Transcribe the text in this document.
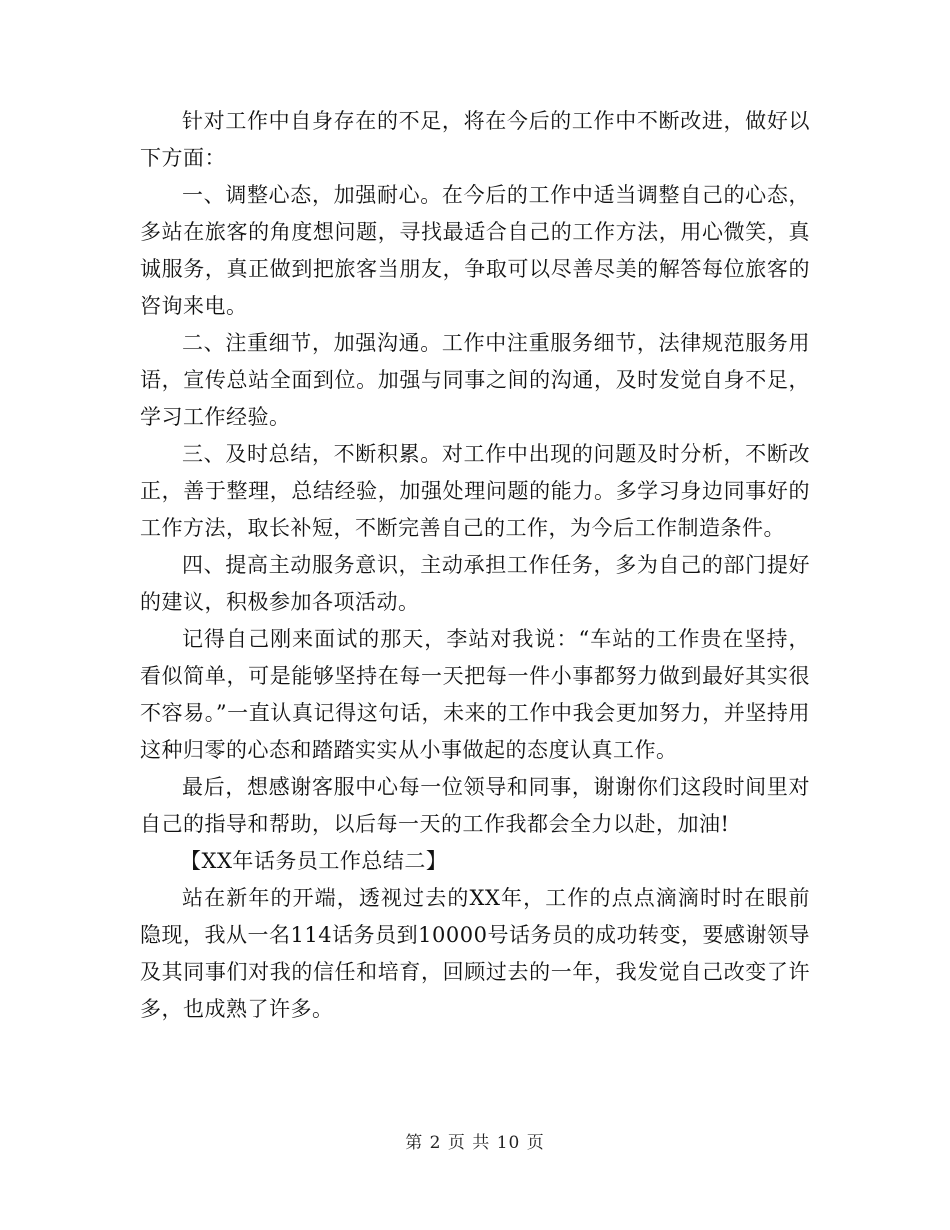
针对工作中自身存在的不足，将在今后的工作中不断改进，做好以下方面：

一、调整心态，加强耐心。在今后的工作中适当调整自己的心态，多站在旅客的角度想问题，寻找最适合自己的工作方法，用心微笑，真诚服务，真正做到把旅客当朋友，争取可以尽善尽美的解答每位旅客的咨询来电。

二、注重细节，加强沟通。工作中注重服务细节，法律规范服务用语，宣传总站全面到位。加强与同事之间的沟通，及时发觉自身不足，学习工作经验。

三、及时总结，不断积累。对工作中出现的问题及时分析，不断改正，善于整理，总结经验，加强处理问题的能力。多学习身边同事好的工作方法，取长补短，不断完善自己的工作，为今后工作制造条件。

四、提高主动服务意识，主动承担工作任务，多为自己的部门提好的建议，积极参加各项活动。

记得自己刚来面试的那天，李站对我说：“车站的工作贵在坚持，看似简单，可是能够坚持在每一天把每一件小事都努力做到最好其实很不容易。”一直认真记得这句话，未来的工作中我会更加努力，并坚持用这种归零的心态和踏踏实实从小事做起的态度认真工作。

最后，想感谢客服中心每一位领导和同事，谢谢你们这段时间里对自己的指导和帮助，以后每一天的工作我都会全力以赴，加油!

【XX年话务员工作总结二】

站在新年的开端，透视过去的XX年，工作的点点滴滴时时在眼前隐现，我从一名114话务员到10000号话务员的成功转变，要感谢领导及其同事们对我的信任和培育，回顾过去的一年，我发觉自己改变了许多，也成熟了许多。

第 2 页 共 10 页
